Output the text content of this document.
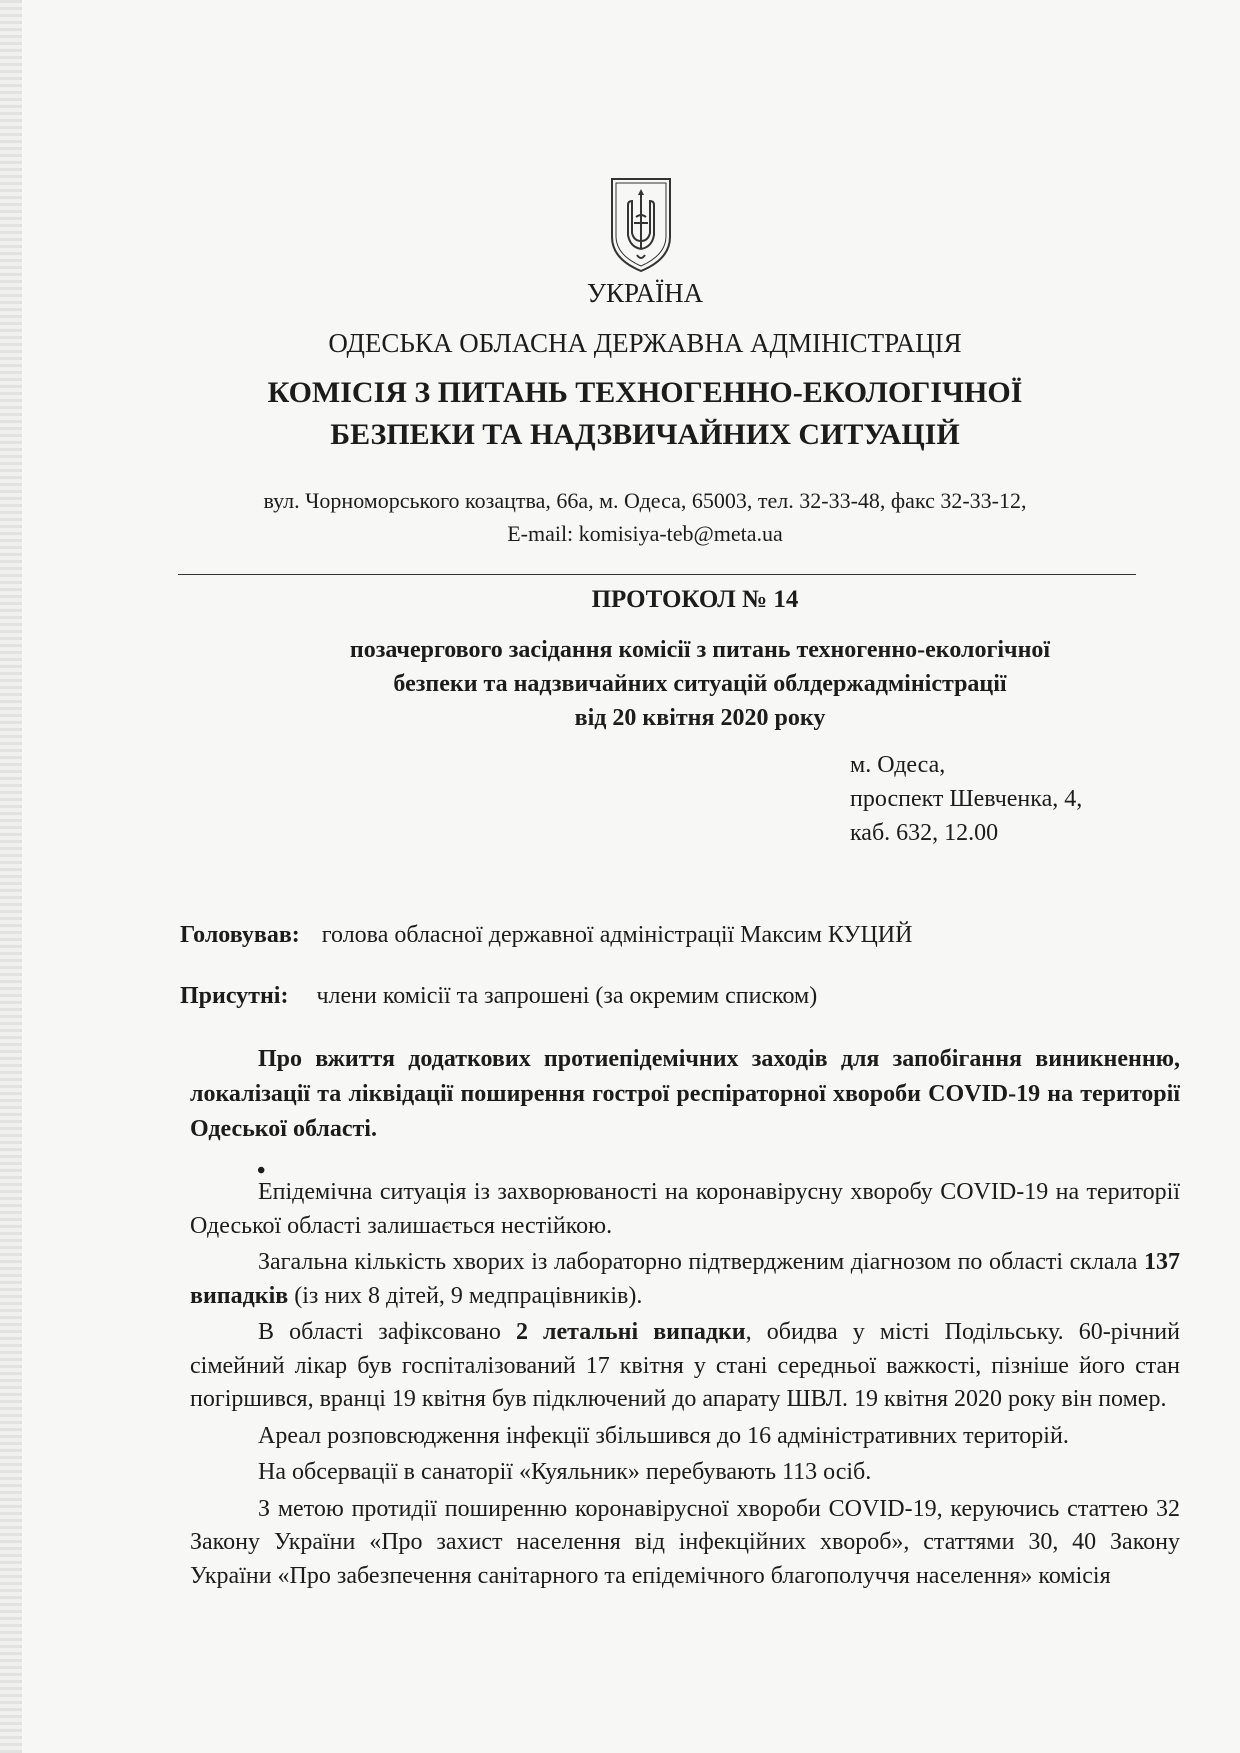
УКРАЇНА
ОДЕСЬКА ОБЛАСНА ДЕРЖАВНА АДМІНІСТРАЦІЯ
КОМІСІЯ З ПИТАНЬ ТЕХНОГЕННО-ЕКОЛОГІЧНОЇ
БЕЗПЕКИ ТА НАДЗВИЧАЙНИХ СИТУАЦІЙ
вул. Чорноморського козацтва, 66а, м. Одеса, 65003, тел. 32-33-48, факс 32-33-12,
E-mail: komisiya-teb@meta.ua
ПРОТОКОЛ № 14
позачергового засідання комісії з питань техногенно-екологічної
безпеки та надзвичайних ситуацій облдержадміністрації
від 20 квітня 2020 року
м. Одеса,
проспект Шевченка, 4,
каб. 632, 12.00
Головував: голова обласної державної адміністрації Максим КУЦИЙ
Присутні: члени комісії та запрошені (за окремим списком)
Про вжиття додаткових протиепідемічних заходів для запобігання виникненню, локалізації та ліквідації поширення гострої респіраторної хвороби COVID-19 на території Одеської області.
•

Епідемічна ситуація із захворюваності на коронавірусну хворобу COVID-19 на території Одеської області залишається нестійкою.

Загальна кількість хворих із лабораторно підтвердженим діагнозом по області склала 137 випадків (із них 8 дітей, 9 медпрацівників).

В області зафіксовано 2 летальні випадки, обидва у місті Подільську. 60-річний сімейний лікар був госпіталізований 17 квітня у стані середньої важкості, пізніше його стан погіршився, вранці 19 квітня був підключений до апарату ШВЛ. 19 квітня 2020 року він помер.

Ареал розповсюдження інфекції збільшився до 16 адміністративних територій.

На обсервації в санаторії «Куяльник» перебувають 113 осіб.

З метою протидії поширенню коронавірусної хвороби COVID-19, керуючись статтею 32 Закону України «Про захист населення від інфекційних хвороб», статтями 30, 40 Закону України «Про забезпечення санітарного та епідемічного благополуччя населення» комісія
